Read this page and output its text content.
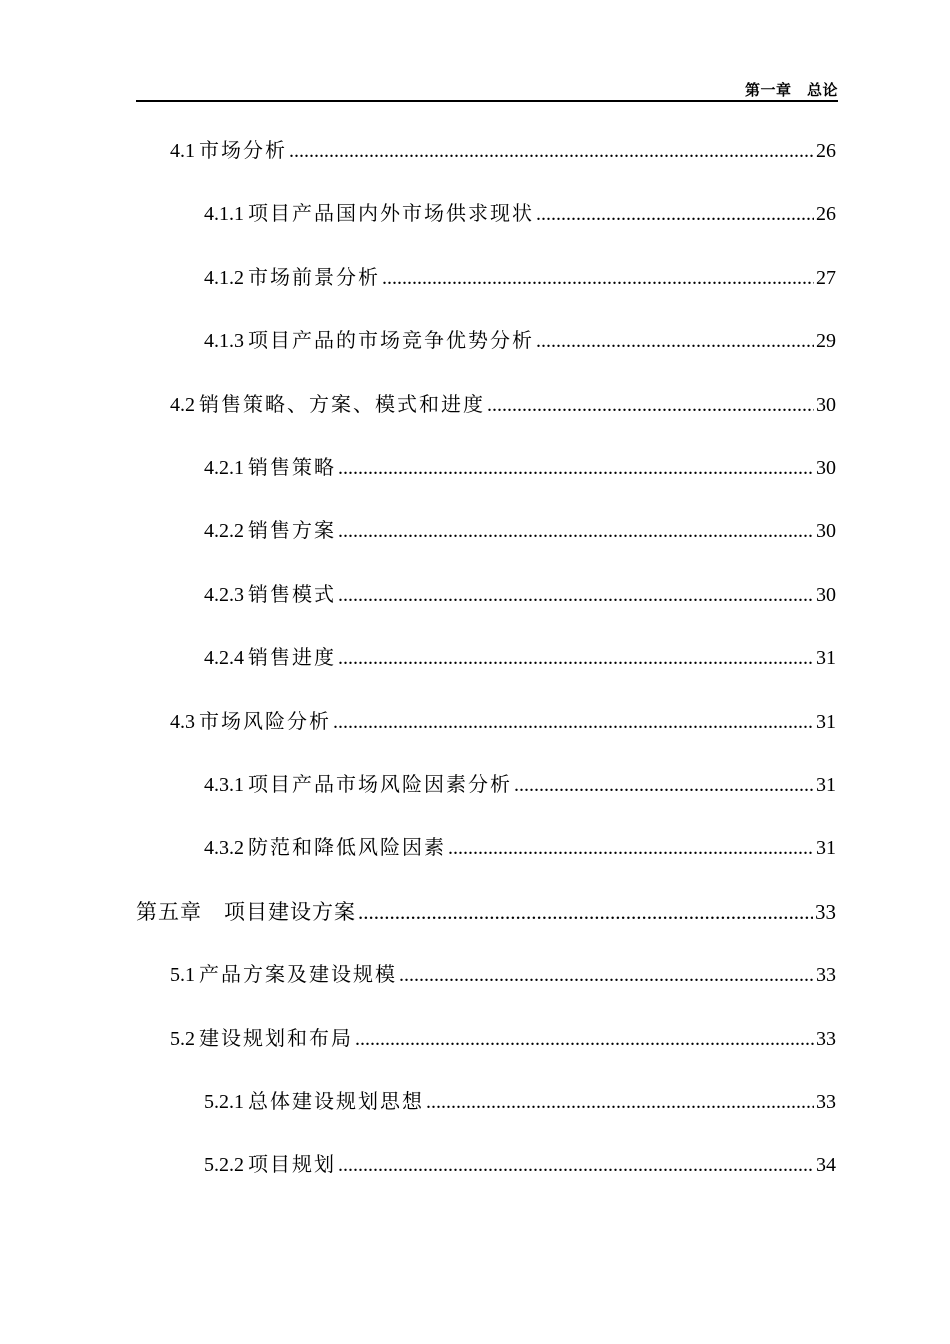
第一章　总论
4.1 市场分析 .....	26
4.1.1 项目产品国内外市场供求现状 .....	26
4.1.2 市场前景分析 .....	27
4.1.3 项目产品的市场竞争优势分析 .....	29
4.2 销售策略、方案、模式和进度 .....	30
4.2.1 销售策略 .....	30
4.2.2 销售方案 .....	30
4.2.3 销售模式 .....	30
4.2.4 销售进度 .....	31
4.3 市场风险分析 .....	31
4.3.1 项目产品市场风险因素分析 .....	31
4.3.2 防范和降低风险因素 .....	31
第五章 项目建设方案 .....	33
5.1 产品方案及建设规模 .....	33
5.2 建设规划和布局 .....	33
5.2.1 总体建设规划思想 .....	33
5.2.2 项目规划 .....	34
